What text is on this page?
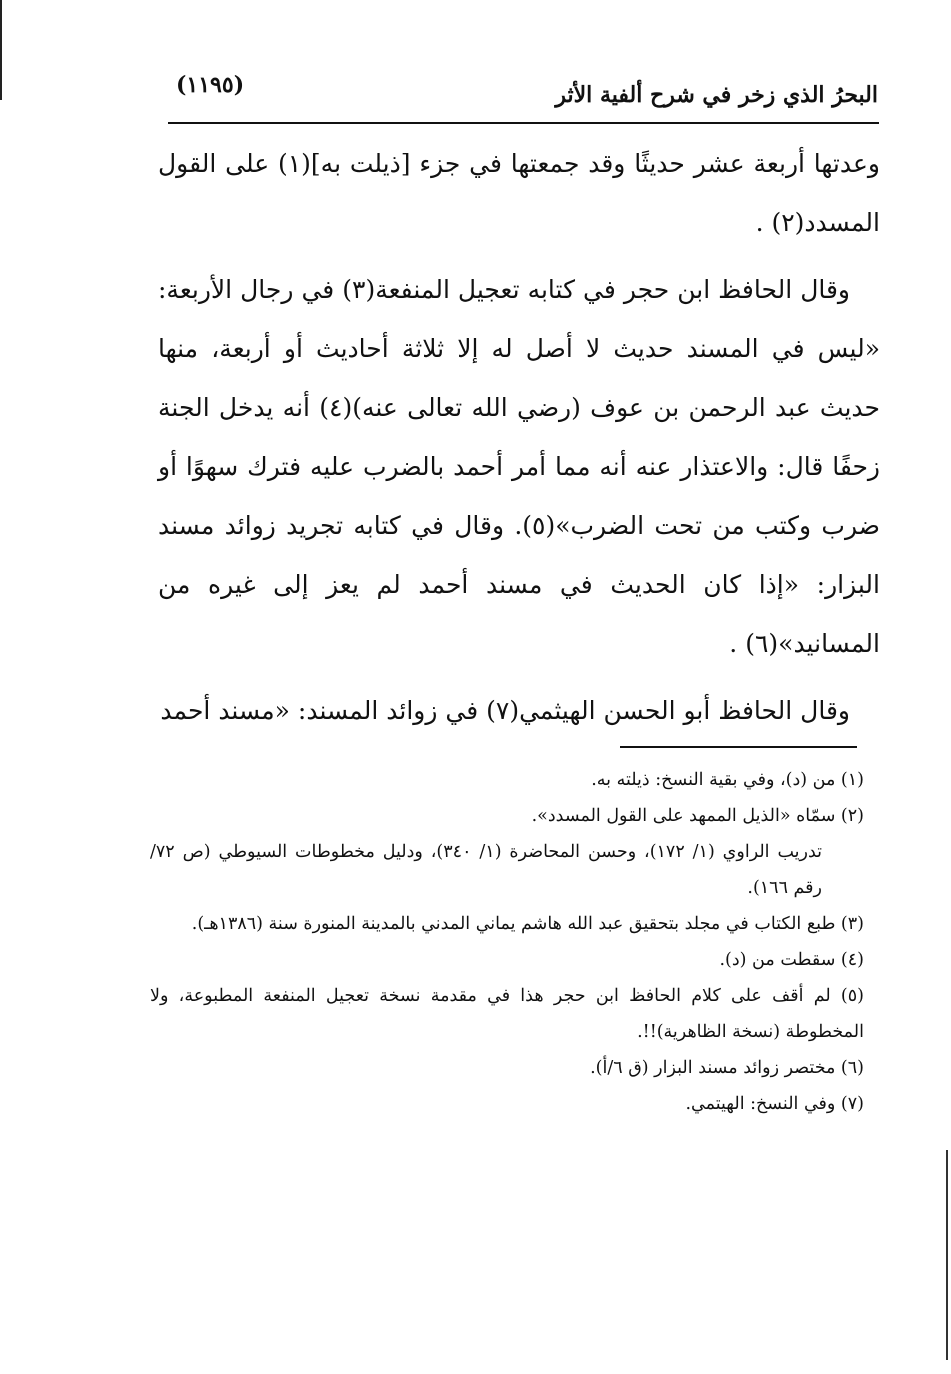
البحرُ الذي زخر في شرح ألفية الأثر
(١١٩٥)

وعدتها أربعة عشر حديثًا وقد جمعتها في جزء [ذيلت به](١) على القول المسدد(٢) .

وقال الحافظ ابن حجر في كتابه تعجيل المنفعة(٣) في رجال الأربعة: «ليس في المسند حديث لا أصل له إلا ثلاثة أحاديث أو أربعة، منها حديث عبد الرحمن بن عوف (رضي الله تعالى عنه)(٤) أنه يدخل الجنة زحفًا قال: والاعتذار عنه أنه مما أمر أحمد بالضرب عليه فترك سهوًا أو ضرب وكتب من تحت الضرب»(٥). وقال في كتابه تجريد زوائد مسند البزار: «إذا كان الحديث في مسند أحمد لم يعز إلى غيره من المسانيد»(٦) .

وقال الحافظ أبو الحسن الهيثمي(٧) في زوائد المسند: «مسند أحمد

(١) من (د)، وفي بقية النسخ: ذيلته به.

(٢) سمّاه «الذيل الممهد على القول المسدد».

تدريب الراوي (١/ ١٧٢)، وحسن المحاضرة (١/ ٣٤٠)، ودليل مخطوطات السيوطي (ص ٧٢/ رقم ١٦٦).

(٣) طبع الكتاب في مجلد بتحقيق عبد الله هاشم يماني المدني بالمدينة المنورة سنة (١٣٨٦هـ).

(٤) سقطت من (د).

(٥) لم أقف على كلام الحافظ ابن حجر هذا في مقدمة نسخة تعجيل المنفعة المطبوعة، ولا المخطوطة (نسخة الظاهرية)!!.

(٦) مختصر زوائد مسند البزار (ق ٦/أ).

(٧) وفي النسخ: الهيتمي.
